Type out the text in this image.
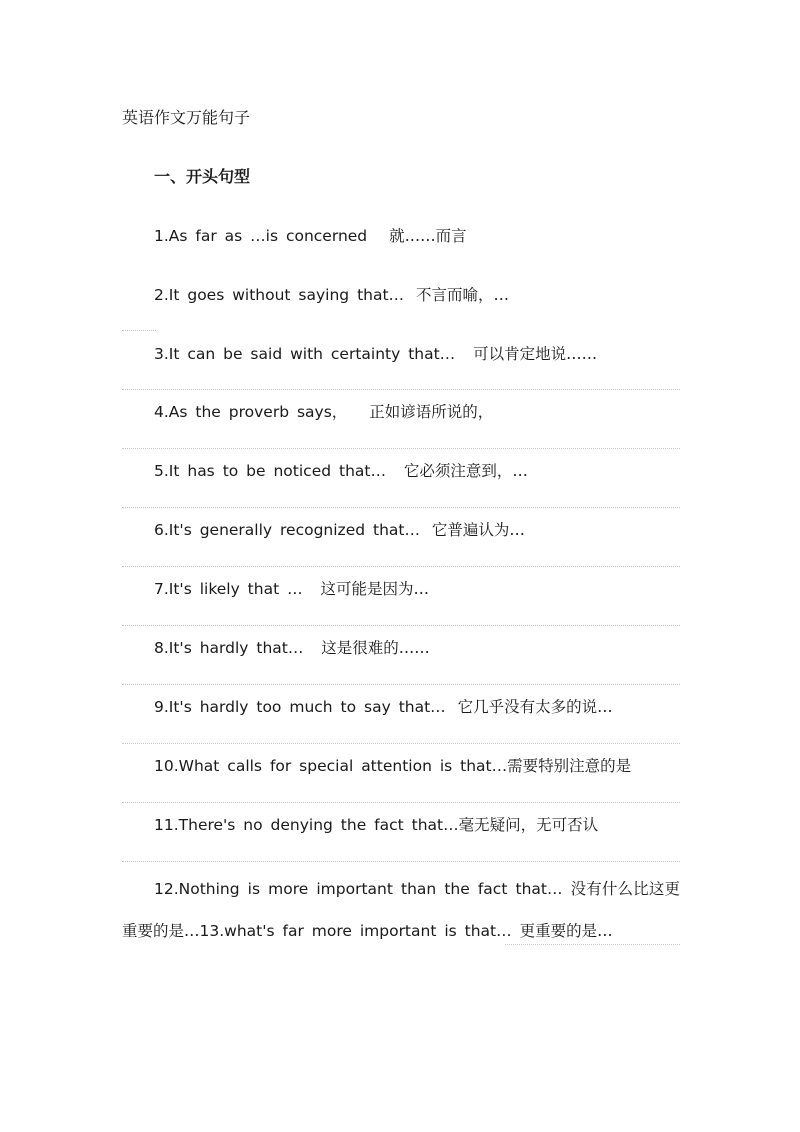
英语作文万能句子
一、开头句型
1.As far as …is concerned 就……而言
2.It goes without saying that… 不言而喻，…
3.It can be said with certainty that… 可以肯定地说……
4.As the proverb says， 正如谚语所说的，
5.It has to be noticed that… 它必须注意到，…
6.It's generally recognized that… 它普遍认为…
7.It's likely that … 这可能是因为…
8.It's hardly that… 这是很难的……
9.It's hardly too much to say that… 它几乎没有太多的说…
10.What calls for special attention is that…需要特别注意的是
11.There's no denying the fact that…毫无疑问，无可否认
12.Nothing is more important than the fact that… 没有什么比这更
重要的是…13.what's far more important is that… 更重要的是…
